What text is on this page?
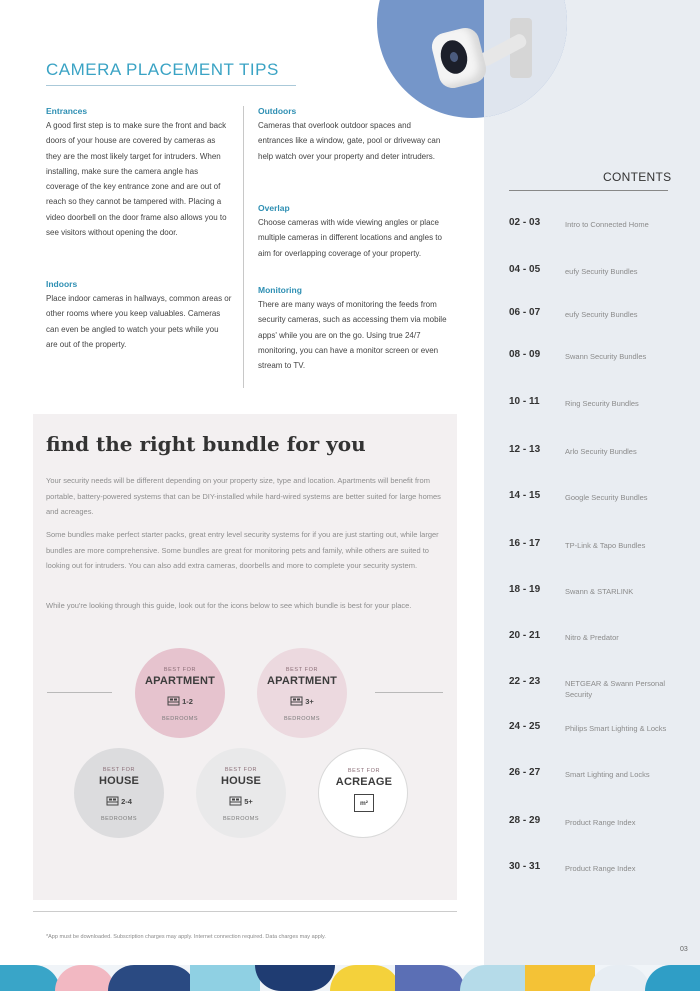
CONTENTS
02 - 03	Intro to Connected Home
04 - 05	eufy Security Bundles
06 - 07	eufy Security Bundles
08 - 09	Swann Security Bundles
10 - 11	Ring Security Bundles
12 - 13	Arlo Security Bundles
14 - 15	Google Security Bundles
16 - 17	TP-Link & Tapo Bundles
18 - 19	Swann & STARLINK
20 - 21	Nitro & Predator
22 - 23	NETGEAR & Swann Personal Security
24 - 25	Philips Smart Lighting & Locks
26 - 27	Smart Lighting and Locks
28 - 29	Product Range Index
30 - 31	Product Range Index
CAMERA PLACEMENT TIPS
Entrances

A good first step is to make sure the front and back doors of your house are covered by cameras as they are the most likely target for intruders. When installing, make sure the camera angle has coverage of the key entrance zone and are out of reach so they cannot be tampered with. Placing a video doorbell on the door frame also allows you to see visitors without opening the door.

Indoors

Place indoor cameras in hallways, common areas or other rooms where you keep valuables. Cameras can even be angled to watch your pets while you are out of the property.

Outdoors

Cameras that overlook outdoor spaces and entrances like a window, gate, pool or driveway can help watch over your property and deter intruders.

Overlap

Choose cameras with wide viewing angles or place multiple cameras in different locations and angles to aim for overlapping coverage of your property.

Monitoring

There are many ways of monitoring the feeds from security cameras, such as accessing them via mobile apps' while you are on the go. Using true 24/7 monitoring, you can have a monitor screen or even stream to TV.

find the right bundle for you

Your security needs will be different depending on your property size, type and location. Apartments will benefit from portable, battery-powered systems that can be DIY-installed while hard-wired systems are better suited for large homes and acreages.

Some bundles make perfect starter packs, great entry level security systems for if you are just starting out, while larger bundles are more comprehensive. Some bundles are great for monitoring pets and family, while others are suited to looking out for intruders. You can also add extra cameras, doorbells and more to complete your security system.

While you're looking through this guide, look out for the icons below to see which bundle is best for your place.

BEST FOR
APARTMENT
1-2
BEDROOMS
BEST FOR
APARTMENT
3+
BEDROOMS
BEST FOR
HOUSE
2-4
BEDROOMS
BEST FOR
HOUSE
5+
BEDROOMS
BEST FOR
ACREAGE
m²
*App must be downloaded. Subscription charges may apply. Internet connection required. Data charges may apply.
03
